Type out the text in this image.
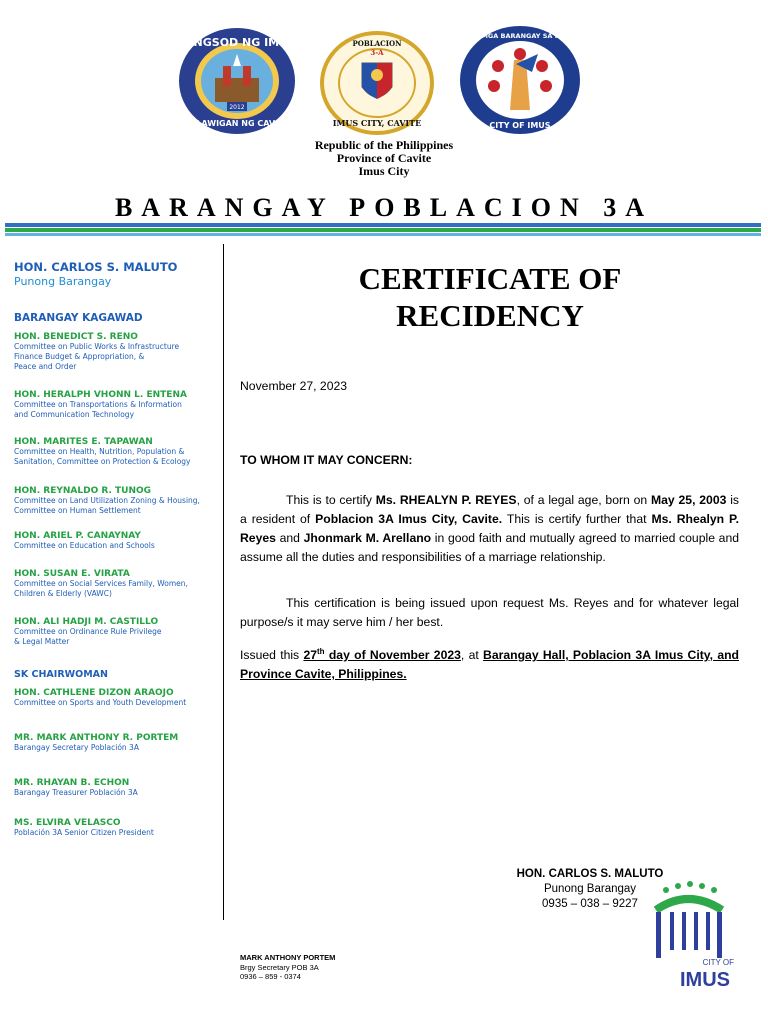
LUNGSOD NG IMUS
2012
LALAWIGAN NG CAVITE
POBLACION
3-A
IMUS CITY, CAVITE
LIGA NG MGA BARANGAY SA PILIPINAS
CITY OF IMUS
Republic of the Philippines
Province of Cavite
Imus City
BARANGAY POBLACION 3A
HON. CARLOS S. MALUTO
Punong Barangay
BARANGAY KAGAWAD
HON. BENEDICT S. RENO
Committee on Public Works & Infrastructure
Finance Budget & Appropriation, &
Peace and Order
HON. HERALPH VHONN L. ENTENA
Committee on Transportations & Information
and Communication Technology
HON. MARITES E. TAPAWAN
Committee on Health, Nutrition, Population &
Sanitation, Committee on Protection & Ecology
HON. REYNALDO R. TUNOG
Committee on Land Utilization Zoning & Housing,
Committee on Human Settlement
HON. ARIEL P. CANAYNAY
Committee on Education and Schools
HON. SUSAN E. VIRATA
Committee on Social Services Family, Women,
Children & Elderly (VAWC)
HON. ALI HADJI M. CASTILLO
Committee on Ordinance Rule Privilege
& Legal Matter
SK CHAIRWOMAN
HON. CATHLENE DIZON ARAOJO
Committee on Sports and Youth Development
MR. MARK ANTHONY R. PORTEM
Barangay Secretary Población 3A
MR. RHAYAN B. ECHON
Barangay Treasurer Población 3A
MS. ELVIRA VELASCO
Población 3A Senior Citizen President
CERTIFICATE OF
RECIDENCY
November 27, 2023
TO WHOM IT MAY CONCERN:
This is to certify Ms. RHEALYN P. REYES, of a legal age, born on May 25, 2003 is a resident of Poblacion 3A Imus City, Cavite. This is certify further that Ms. Rhealyn P. Reyes and Jhonmark M. Arellano in good faith and mutually agreed to married couple and assume all the duties and responsibilities of a marriage relationship.
This certification is being issued upon request Ms. Reyes and for whatever legal purpose/s it may serve him / her best.
Issued this 27th day of November 2023, at Barangay Hall, Poblacion 3A Imus City, and Province Cavite, Philippines.
HON. CARLOS S. MALUTO
Punong Barangay
0935 – 038 – 9227
CITY OF
IMUS
MARK ANTHONY PORTEM
Brgy Secretary POB 3A
0936 – 859 - 0374
